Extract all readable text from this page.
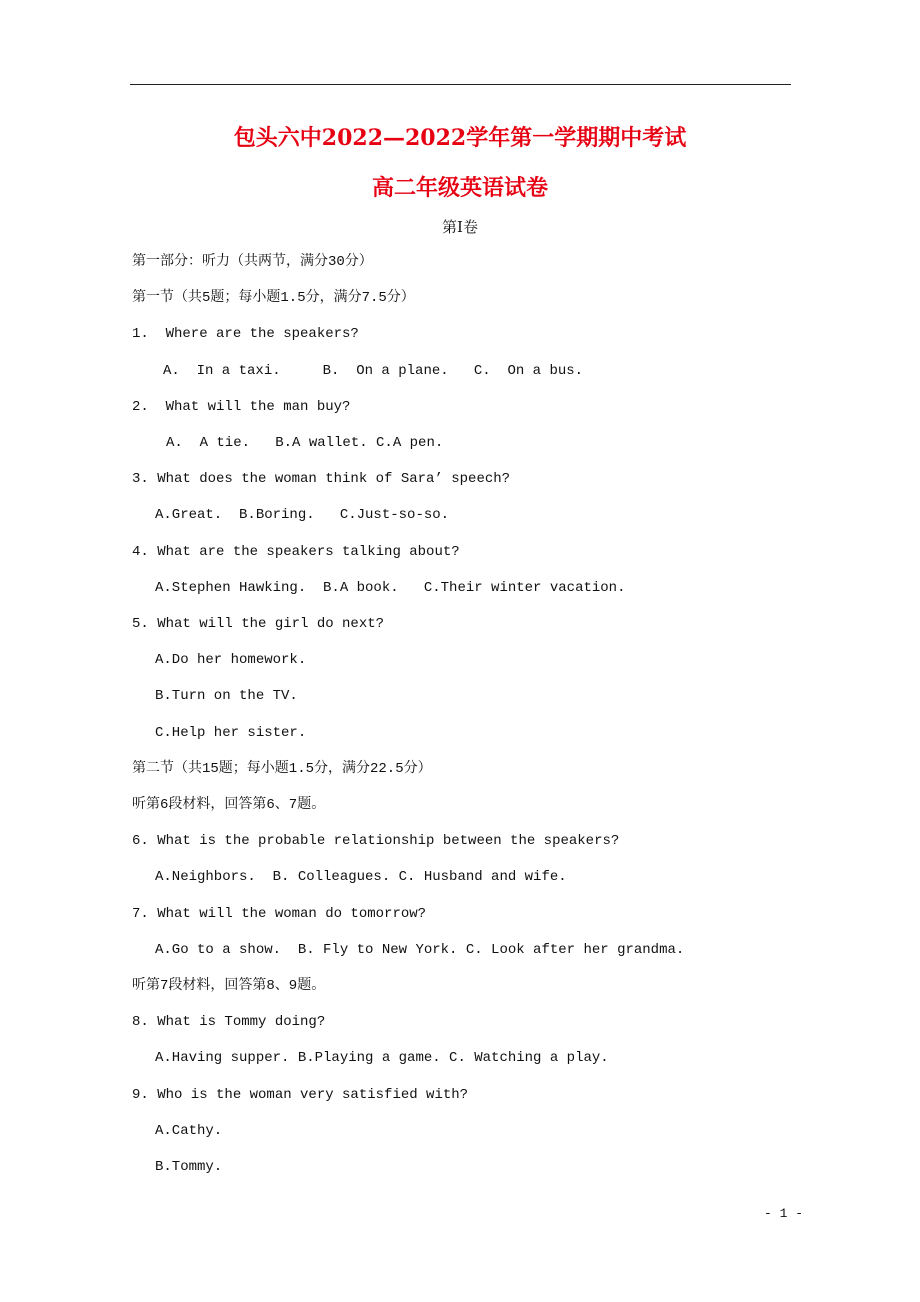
包头六中2022—2022学年第一学期期中考试
高二年级英语试卷
第Ⅰ卷
第一部分：听力（共两节，满分30分）
第一节（共5题；每小题1.5分，满分7.5分）
1.  Where are the speakers?
A.  In a taxi.     B.  On a plane.   C.  On a bus.
2.  What will the man buy?
A.  A tie.   B.A wallet. C.A pen.
3. What does the woman think of Sara’ speech?
A.Great.  B.Boring.   C.Just-so-so.
4. What are the speakers talking about?
A.Stephen Hawking.  B.A book.   C.Their winter vacation.
5. What will the girl do next?
A.Do her homework.
B.Turn on the TV.
C.Help her sister.
第二节（共15题；每小题1.5分，满分22.5分）
听第6段材料，回答第6、7题。
6. What is the probable relationship between the speakers?
A.Neighbors.  B. Colleagues. C. Husband and wife.
7. What will the woman do tomorrow?
A.Go to a show.  B. Fly to New York. C. Look after her grandma.
听第7段材料，回答第8、9题。
8. What is Tommy doing?
A.Having supper. B.Playing a game. C. Watching a play.
9. Who is the woman very satisfied with?
A.Cathy.
B.Tommy.
- 1 -
